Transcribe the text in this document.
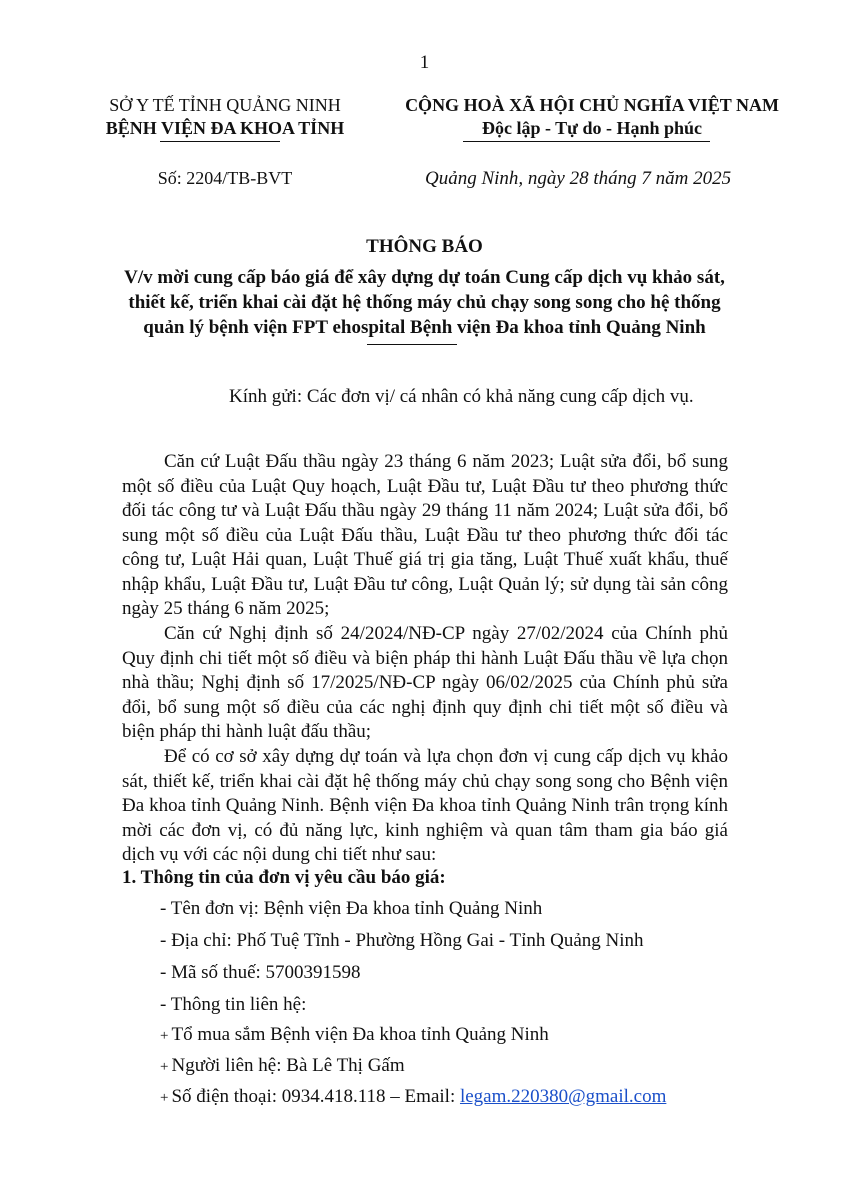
1
SỞ Y TẾ TỈNH QUẢNG NINH
BỆNH VIỆN ĐA KHOA TỈNH
Số: 2204/TB-BVT
CỘNG HOÀ XÃ HỘI CHỦ NGHĨA VIỆT NAM
Độc lập - Tự do - Hạnh phúc
Quảng Ninh, ngày 28 tháng 7 năm 2025
THÔNG BÁO
V/v mời cung cấp báo giá để xây dựng dự toán Cung cấp dịch vụ khảo sát,
thiết kế, triển khai cài đặt hệ thống máy chủ chạy song song cho hệ thống
quản lý bệnh viện FPT ehospital Bệnh viện Đa khoa tỉnh Quảng Ninh
Kính gửi: Các đơn vị/ cá nhân có khả năng cung cấp dịch vụ.
Căn cứ Luật Đấu thầu ngày 23 tháng 6 năm 2023; Luật sửa đổi, bổ sung một số điều của Luật Quy hoạch, Luật Đầu tư, Luật Đầu tư theo phương thức đối tác công tư và Luật Đấu thầu ngày 29 tháng 11 năm 2024; Luật sửa đổi, bổ sung một số điều của Luật Đấu thầu, Luật Đầu tư theo phương thức đối tác công tư, Luật Hải quan, Luật Thuế giá trị gia tăng, Luật Thuế xuất khẩu, thuế nhập khẩu, Luật Đầu tư, Luật Đầu tư công, Luật Quản lý; sử dụng tài sản công ngày 25 tháng 6 năm 2025;
Căn cứ Nghị định số 24/2024/NĐ-CP ngày 27/02/2024 của Chính phủ Quy định chi tiết một số điều và biện pháp thi hành Luật Đấu thầu về lựa chọn nhà thầu; Nghị định số 17/2025/NĐ-CP ngày 06/02/2025 của Chính phủ sửa đổi, bổ sung một số điều của các nghị định quy định chi tiết một số điều và biện pháp thi hành luật đấu thầu;
Để có cơ sở xây dựng dự toán và lựa chọn đơn vị cung cấp dịch vụ khảo sát, thiết kế, triển khai cài đặt hệ thống máy chủ chạy song song cho Bệnh viện Đa khoa tỉnh Quảng Ninh. Bệnh viện Đa khoa tỉnh Quảng Ninh trân trọng kính mời các đơn vị, có đủ năng lực, kinh nghiệm và quan tâm tham gia báo giá dịch vụ với các nội dung chi tiết như sau:
1. Thông tin của đơn vị yêu cầu báo giá:
- Tên đơn vị: Bệnh viện Đa khoa tỉnh Quảng Ninh
- Địa chỉ: Phố Tuệ Tĩnh - Phường Hồng Gai - Tỉnh Quảng Ninh
- Mã số thuế: 5700391598
- Thông tin liên hệ:
+ Tổ mua sắm Bệnh viện Đa khoa tỉnh Quảng Ninh
+ Người liên hệ: Bà Lê Thị Gấm
+ Số điện thoại: 0934.418.118 – Email: legam.220380@gmail.com
